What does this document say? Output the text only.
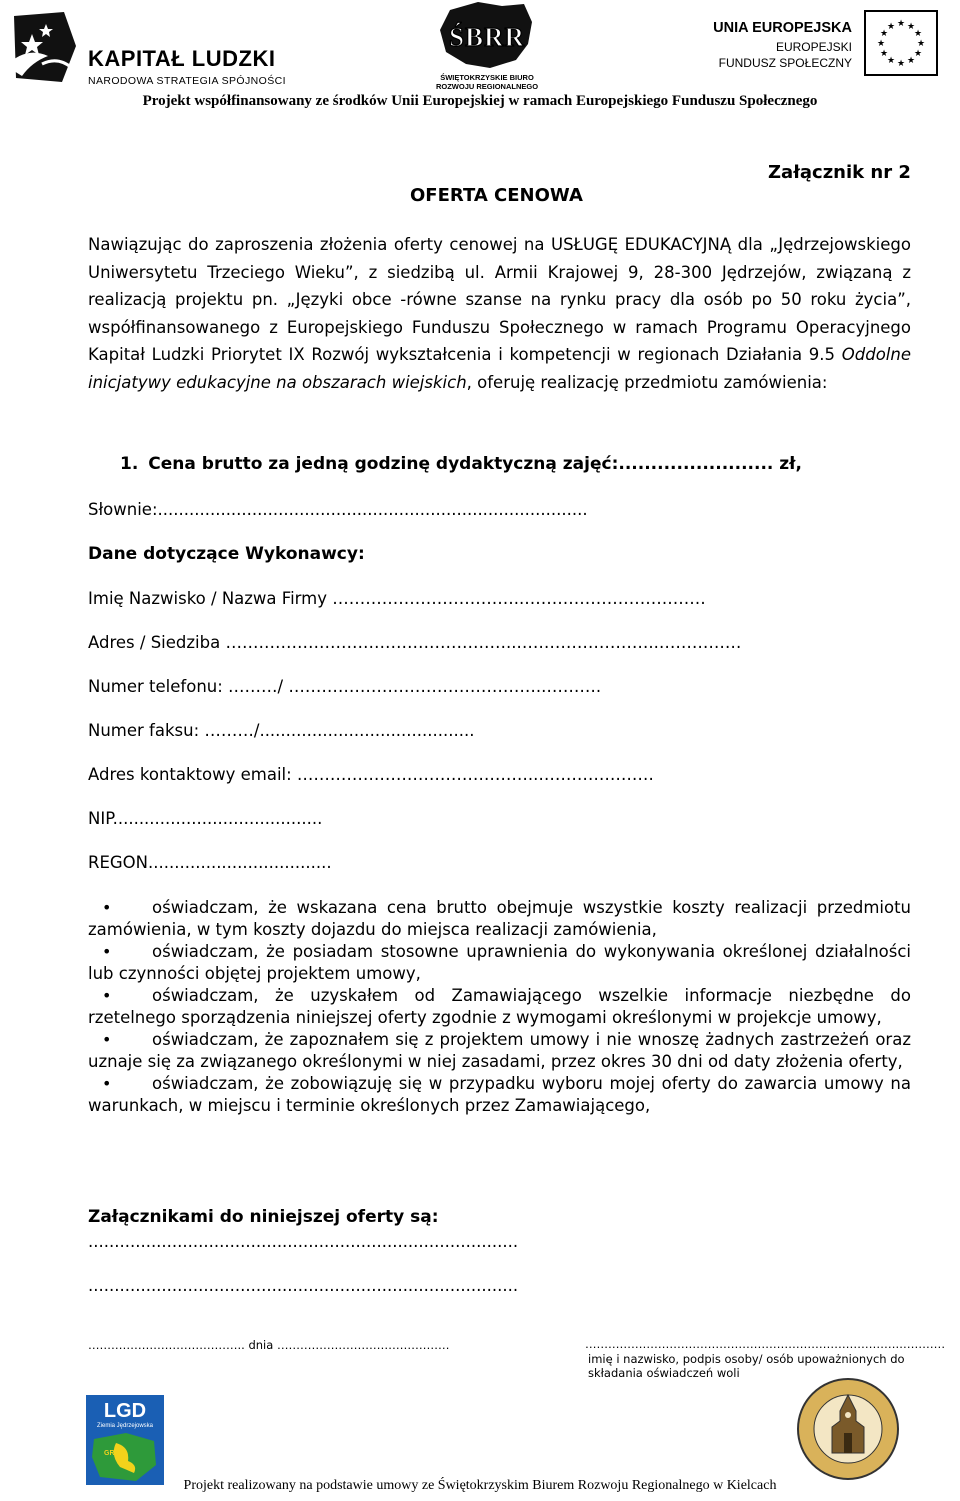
KAPITAŁ LUDZKI
NARODOWA STRATEGIA SPÓJNOŚCI
ŚBRR
ŚWIĘTOKRZYSKIE BIURO
ROZWOJU REGIONALNEGO
UNIA EUROPEJSKA
EUROPEJSKI
FUNDUSZ SPOŁECZNY
★ ★
★
★
★
★
★
★
★
★
★
★
Projekt współfinansowany ze środków Unii Europejskiej w ramach Europejskiego Funduszu Społecznego
Załącznik nr 2
OFERTA CENOWA
Nawiązując do zaproszenia złożenia oferty cenowej na USŁUGĘ EDUKACYJNĄ dla „Jędrzejowskiego Uniwersytetu Trzeciego Wieku”, z siedzibą ul. Armii Krajowej 9, 28-300 Jędrzejów, związaną z realizacją projektu pn. „Języki obce -równe szanse na rynku pracy dla osób po 50 roku życia”, współfinansowanego z Europejskiego Funduszu Społecznego w ramach Programu Operacyjnego Kapitał Ludzki Priorytet IX Rozwój wykształcenia i kompetencji w regionach Działania 9.5 Oddolne inicjatywy edukacyjne na obszarach wiejskich, oferuję realizację przedmiotu zamówienia:
1. Cena brutto za jedną godzinę dydaktyczną zajęć:........................ zł,
Słownie:..................................................................................
Dane dotyczące Wykonawcy:
Imię Nazwisko / Nazwa Firmy ……………………………..……………………………
Adres / Siedziba ……………………………………………..……………………..……………
Numer telefonu: ………/ ………………………………………..……….
Numer faksu: ………/.........................................
Adres kontaktowy email: ……………………………………..…………………
NIP........................................
REGON...................................
• oświadczam, że wskazana cena brutto obejmuje wszystkie koszty realizacji przedmiotu zamówienia, w tym koszty dojazdu do miejsca realizacji zamówienia,
• oświadczam, że posiadam stosowne uprawnienia do wykonywania określonej działalności lub czynności objętej projektem umowy,
• oświadczam, że uzyskałem od Zamawiającego wszelkie informacje niezbędne do rzetelnego sporządzenia niniejszej oferty zgodnie z wymogami określonymi w projekcje umowy,
• oświadczam, że zapoznałem się z projektem umowy i nie wnoszę żadnych zastrzeżeń oraz uznaje się za związanego określonymi w niej zasadami, przez okres 30 dni od daty złożenia oferty,
• oświadczam, że zobowiązuję się w przypadku wyboru mojej oferty do zawarcia umowy na warunkach, w miejscu i terminie określonych przez Zamawiającego,
Załącznikami do niniejszej oferty są:
..................................................................................
..................................................................................
………………………………….. dnia ………………………………………	……………………………………………………………………….…………
imię i nazwisko, podpis osoby/ osób upoważnionych do składania oświadczeń woli
LGD
Ziemia Jędrzejowska
GRYF
Projekt realizowany na podstawie umowy ze Świętokrzyskim Biurem Rozwoju Regionalnego w Kielcach
